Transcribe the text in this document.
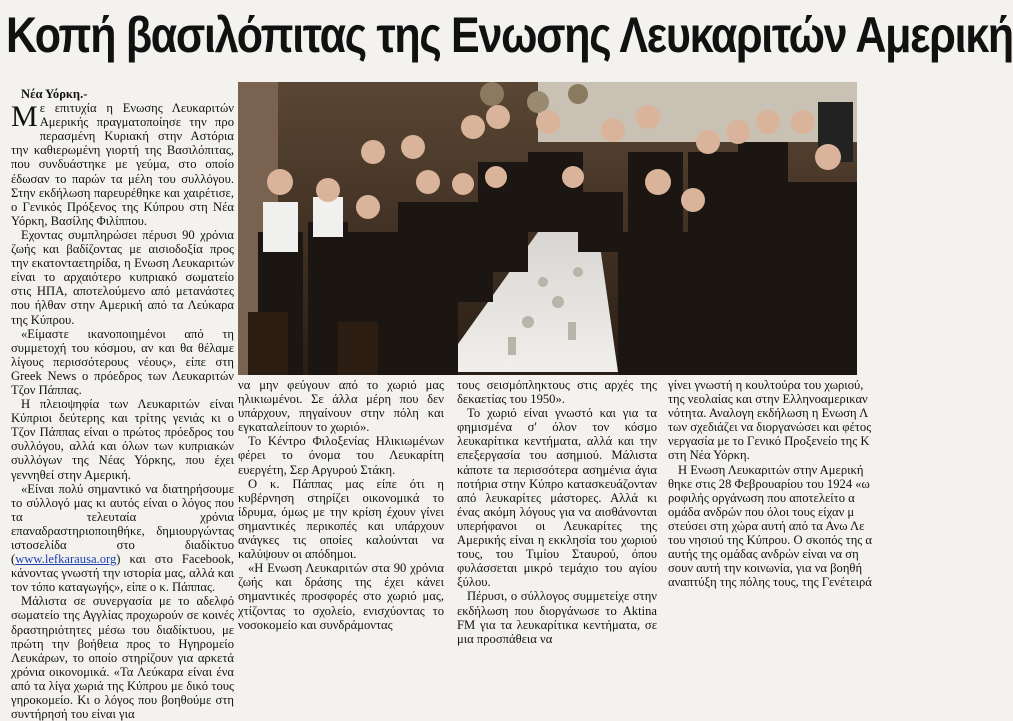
Κοπή βασιλόπιτας της Ενωσης Λευκαριτών Αμερική

Νέα Υόρκη.-

Με επιτυχία η Ενωσης Λευκαριτών Αμερικής πραγματοποίησε την προ περασμένη Κυριακή στην Αστόρια την καθιερωμένη γιορτή της Βασιλόπιτας, που συνδυάστηκε με γεύμα, στο οποίο έδωσαν το παρών τα μέλη του συλλόγου. Στην εκδήλωση παρευρέθηκε και χαιρέτισε, ο Γενικός Πρόξενος της Κύπρου στη Νέα Υόρκη, Βασίλης Φιλίππου.

Εχοντας συμπληρώσει πέρυσι 90 χρόνια ζωής και βαδίζοντας με αισιοδοξία προς την εκατονταετηρίδα, η Ενωση Λευκαριτών είναι το αρχαιότερο κυπριακό σωματείο στις ΗΠΑ, αποτελούμενο από μετανάστες που ήλθαν στην Αμερική από τα Λεύκαρα της Κύπρου.

«Είμαστε ικανοποιημένοι από τη συμμετοχή του κόσμου, αν και θα θέλαμε λίγους περισσότερους νέους», είπε στη Greek News ο πρόεδρος των Λευκαριτών Τζον Πάππας.

Η πλειοψηφία των Λευκαριτών είναι Κύπριοι δεύτερης και τρίτης γενιάς κι ο Τζον Πάππας είναι ο πρώτος πρόεδρος του συλλόγου, αλλά και όλων των κυπριακών συλλόγων της Νέας Υόρκης, που έχει γεννηθεί στην Αμερική.

«Είναι πολύ σημαντικό να διατηρήσουμε το σύλλογό μας κι αυτός είναι ο λόγος που τα τελευταία χρόνια επαναδραστηριοποιηθήκε, δημιουργώντας ιστοσελίδα στο διαδίκτυο (www.lefkarausa.org) και στο Facebook, κάνοντας γνωστή την ιστορία μας, αλλά και τον τόπο καταγωγής», είπε ο κ. Πάππας.

Μάλιστα σε συνεργασία με το αδελφό σωματείο της Αγγλίας προχωρούν σε κοινές δραστηριότητες μέσω του διαδίκτυου, με πρώτη την βοήθεια προς το Ηγηρομείο Λευκάρων, το οποίο στηρίζουν για αρκετά χρόνια οικονομικά. «Τα Λεύκαρα είναι ένα από τα λίγα χωριά της Κύπρου με δικό τους γηροκομείο. Κι ο λόγος που βοηθούμε στη συντήρησή του είναι για

να μην φεύγουν από το χωριό μας ηλικιωμένοι. Σε άλλα μέρη που δεν υπάρχουν, πηγαίνουν στην πόλη και εγκαταλείπουν το χωριό».

Το Κέντρο Φιλοξενίας Ηλικιωμένων φέρει το όνομα του Λευκαρίτη ευεργέτη, Σερ Αργυρού Στάκη.

Ο κ. Πάππας μας είπε ότι η κυβέρνηση στηρίζει οικονομικά το ίδρυμα, όμως με την κρίση έχουν γίνει σημαντικές περικοπές και υπάρχουν ανάγκες τις οποίες καλούνται να καλύψουν οι απόδημοι.

«Η Ενωση Λευκαριτών στα 90 χρόνια ζωής και δράσης της έχει κάνει σημαντικές προσφορές στο χωριό μας, χτίζοντας το σχολείο, ενισχύοντας το νοσοκομείο και συνδράμοντας

τους σεισμόπληκτους στις αρχές της δεκαετίας του 1950».

Το χωριό είναι γνωστό και για τα φημισμένα σ' όλον τον κόσμο λευκαρίτικα κεντήματα, αλλά και την επεξεργασία του ασημιού. Μάλιστα κάποτε τα περισσότερα ασημένια άγια ποτήρια στην Κύπρο κατασκευάζονταν από λευκαρίτες μάστορες. Αλλά κι ένας ακόμη λόγους για να αισθάνονται υπερήφανοι οι Λευκαρίτες της Αμερικής είναι η εκκλησία του χωριού τους, του Τιμίου Σταυρού, όπου φυλάσσεται μικρό τεμάχιο του αγίου ξύλου.

Πέρυσι, ο σύλλογος συμμετείχε στην εκδήλωση που διοργάνωσε το Aktina FM για τα λευκαρίτικα κεντήματα, σε μια προσπάθεια να

γίνει γνωστή η κουλτούρα του χωριού,

της νεολαίας και στην Ελληνοαμερικαν

νότητα. Αναλογη εκδήλωση η Ενωση Λ

των σχεδιάζει να διοργανώσει και φέτος

νεργασία με το Γενικό Προξενείο της Κ

στη Νέα Υόρκη.

Η Ενωση Λευκαριτών στην Αμερική

θηκε στις 28 Φεβρουαρίου του 1924 «ω

ροφιλής οργάνωση που αποτελείτο α

ομάδα ανδρών που όλοι τους είχαν μ

στεύσει στη χώρα αυτή από τα Ανω Λε

του νησιού της Κύπρου. Ο σκοπός της α

αυτής της ομάδας ανδρών είναι να ση

σουν αυτή την κοινωνία, για να βοηθή

αναπτύξη της πόλης τους, της Γενέτειρά
